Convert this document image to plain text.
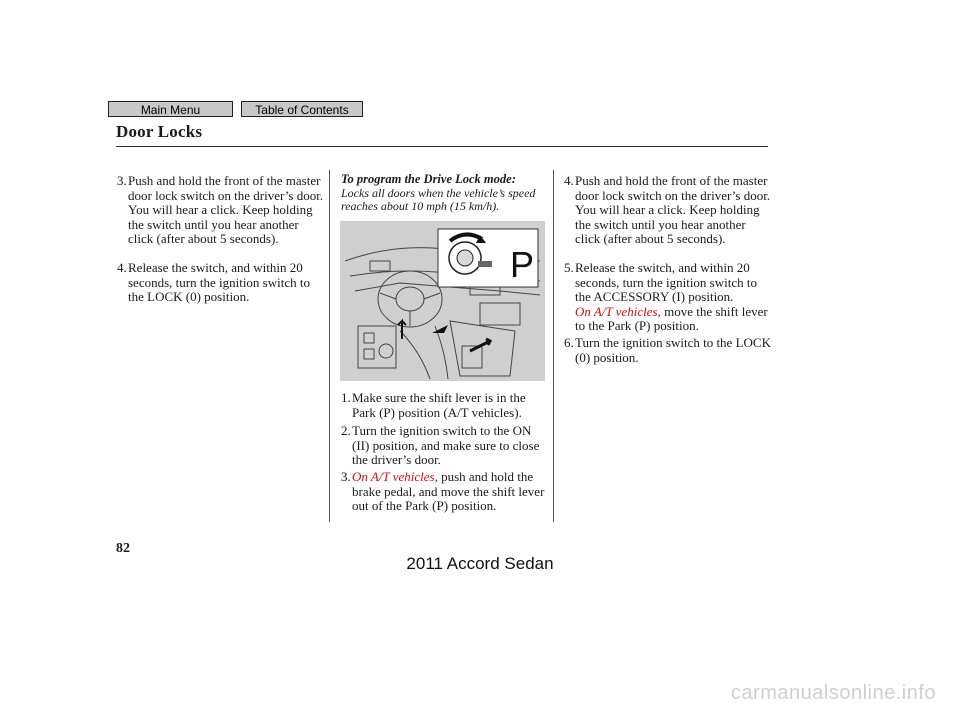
Main Menu	Table of Contents
Door Locks
3. Push and hold the front of the master door lock switch on the driver’s door. You will hear a click. Keep holding the switch until you hear another click (after about 5 seconds).
4. Release the switch, and within 20 seconds, turn the ignition switch to the LOCK (0) position.
To program the Drive Lock mode:
Locks all doors when the vehicle’s speed reaches about 10 mph (15 km/h).
P
1. Make sure the shift lever is in the Park (P) position (A/T vehicles).
2. Turn the ignition switch to the ON (II) position, and make sure to close the driver’s door.
3. On A/T vehicles, push and hold the brake pedal, and move the shift lever out of the Park (P) position.
4. Push and hold the front of the master door lock switch on the driver’s door. You will hear a click. Keep holding the switch until you hear another click (after about 5 seconds).
5. Release the switch, and within 20 seconds, turn the ignition switch to the ACCESSORY (I) position.
On A/T vehicles, move the shift lever to the Park (P) position.
6. Turn the ignition switch to the LOCK (0) position.
82
2011 Accord Sedan
carmanualsonline.info
